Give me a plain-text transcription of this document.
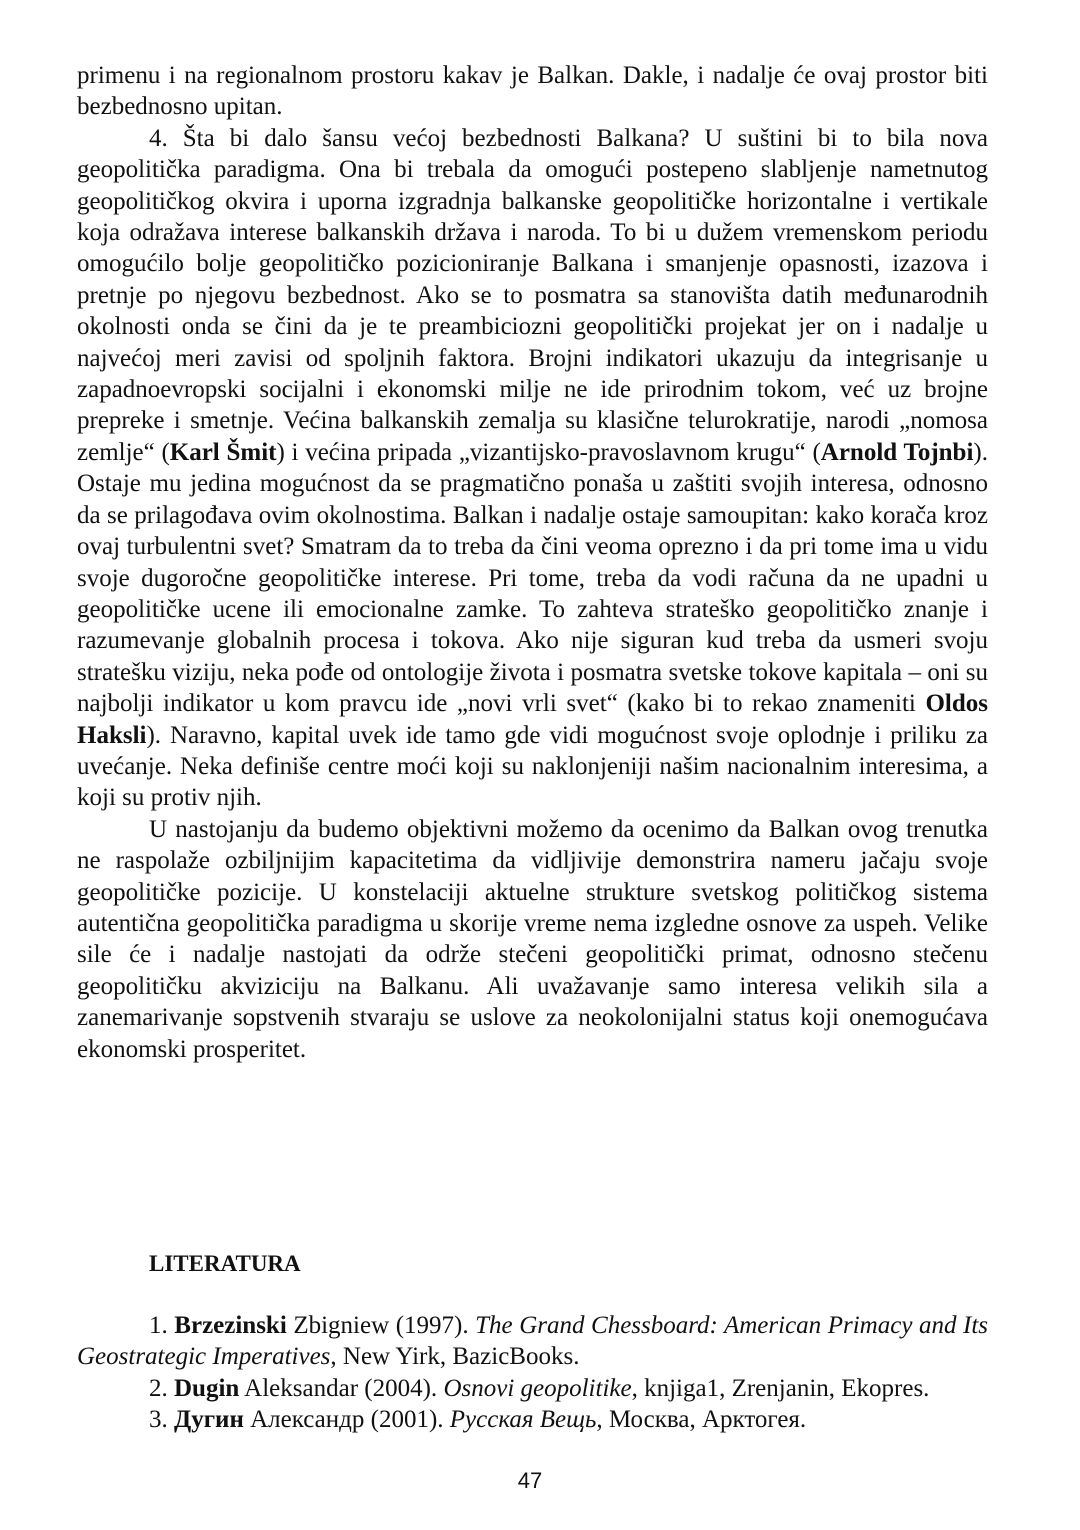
primenu i na regionalnom prostoru kakav je Balkan. Dakle, i nadalje će ovaj prostor biti bezbednosno upitan.

4. Šta bi dalo šansu većoj bezbednosti Balkana? U suštini bi to bila nova geopolitička paradigma. Ona bi trebala da omogući postepeno slabljenje nametnutog geopolitičkog okvira i uporna izgradnja balkanske geopolitičke horizontalne i vertikale koja odražava interese balkanskih država i naroda. To bi u dužem vremenskom periodu omogućilo bolje geopolitičko pozicioniranje Balkana i smanjenje opasnosti, izazova i pretnje po njegovu bezbednost. Ako se to posmatra sa stanovišta datih međunarodnih okolnosti onda se čini da je te preambiciozni geopolitički projekat jer on i nadalje u najvećoj meri zavisi od spoljnih faktora. Brojni indikatori ukazuju da integrisanje u zapadnoevropski socijalni i ekonomski milje ne ide prirodnim tokom, već uz brojne prepreke i smetnje. Većina balkanskih zemalja su klasične telurokratije, narodi „nomosa zemlje“ (Karl Šmit) i većina pripada „vizantijsko-pravoslavnom krugu“ (Arnold Tojnbi). Ostaje mu jedina mogućnost da se pragmatično ponaša u zaštiti svojih interesa, odnosno da se prilagođava ovim okolnostima. Balkan i nadalje ostaje samoupitan: kako korača kroz ovaj turbulentni svet? Smatram da to treba da čini veoma oprezno i da pri tome ima u vidu svoje dugoročne geopolitičke interese. Pri tome, treba da vodi računa da ne upadni u geopolitičke ucene ili emocionalne zamke. To zahteva strateško geopolitičko znanje i razumevanje globalnih procesa i tokova. Ako nije siguran kud treba da usmeri svoju stratešku viziju, neka pođe od ontologije života i posmatra svetske tokove kapitala – oni su najbolji indikator u kom pravcu ide „novi vrli svet“ (kako bi to rekao znameniti Oldos Haksli). Naravno, kapital uvek ide tamo gde vidi mogućnost svoje oplodnje i priliku za uvećanje. Neka definiše centre moći koji su naklonjeniji našim nacionalnim interesima, a koji su protiv njih.

U nastojanju da budemo objektivni možemo da ocenimo da Balkan ovog trenutka ne raspolaže ozbiljnijim kapacitetima da vidljivije demonstrira nameru jačaju svoje geopolitičke pozicije. U konstelaciji aktuelne strukture svetskog političkog sistema autentična geopolitička paradigma u skorije vreme nema izgledne osnove za uspeh. Velike sile će i nadalje nastojati da održe stečeni geopolitički primat, odnosno stečenu geopolitičku akviziciju na Balkanu. Ali uvažavanje samo interesa velikih sila a zanemarivanje sopstvenih stvaraju se uslove za neokolonijalni status koji onemogućava ekonomski prosperitet.

LITERATURA

1. Brzezinski Zbigniew (1997). The Grand Chessboard: American Primacy and Its Geostrategic Imperatives, New Yirk, BazicBooks.

2. Dugin Aleksandar (2004). Osnovi geopolitike, knjiga1, Zrenjanin, Ekopres.

3. Дугин Александр (2001). Русская Вещь, Москва, Арктогея.

47
